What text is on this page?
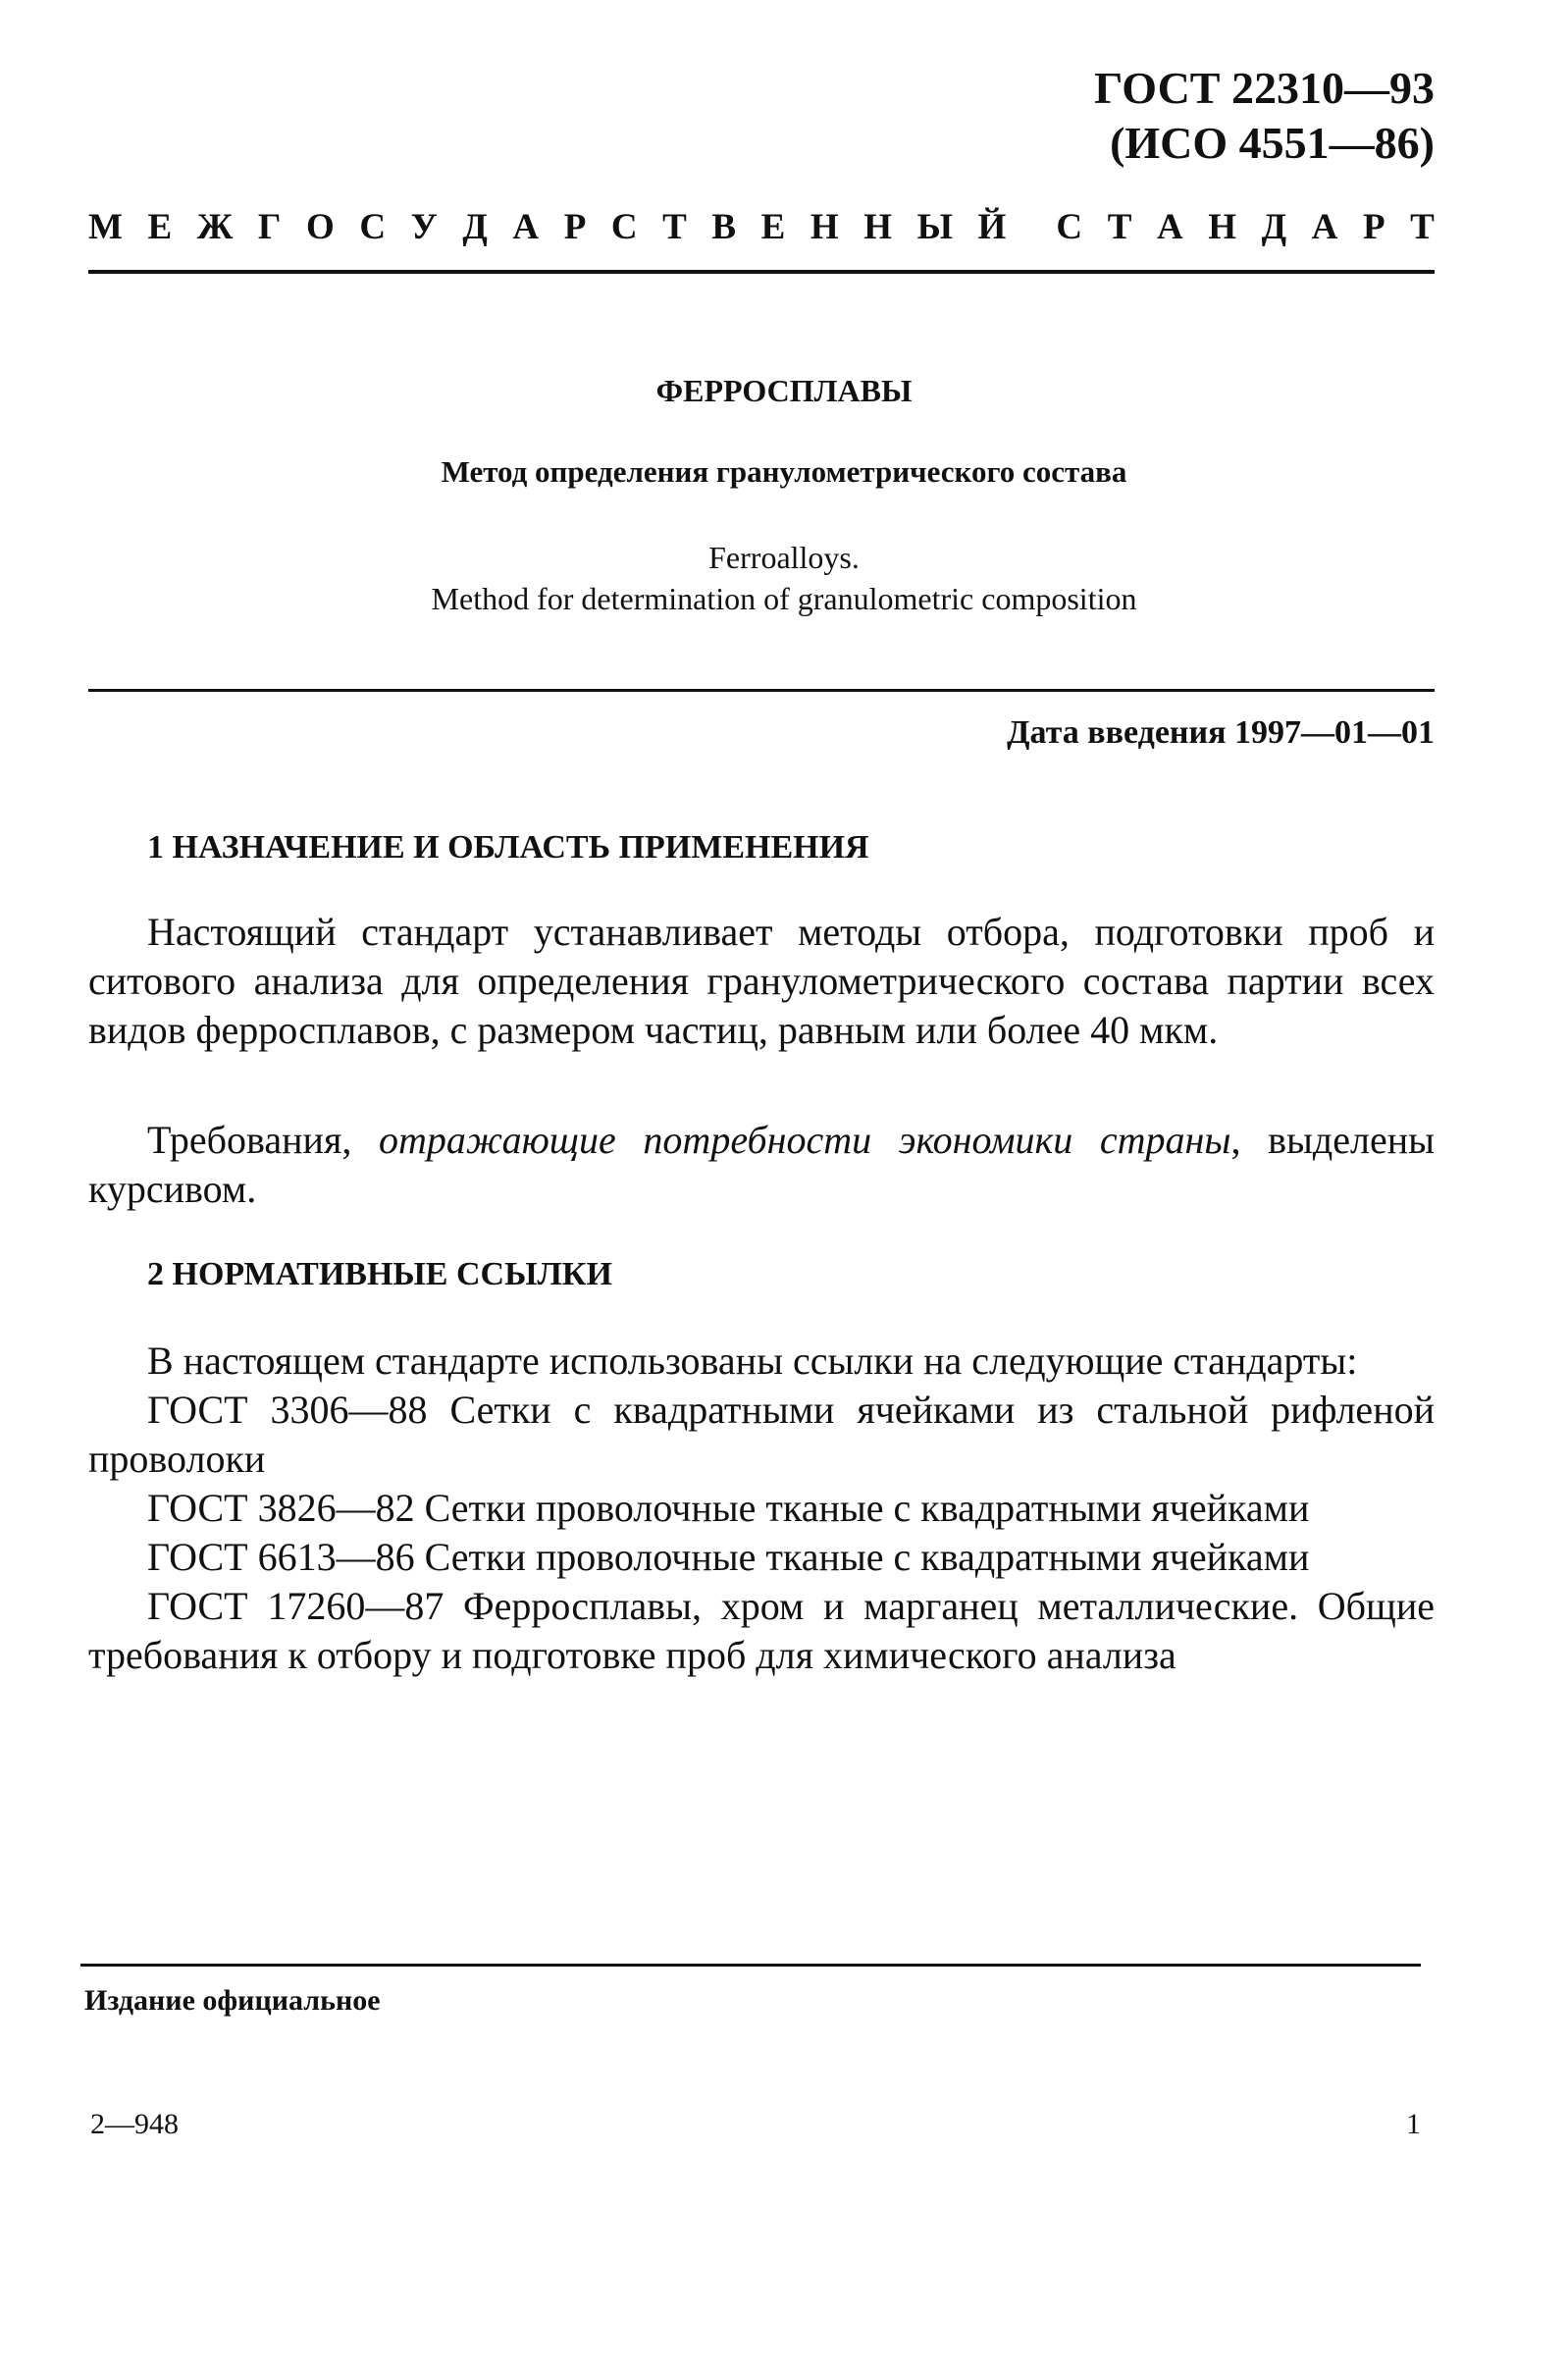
ГОСТ 22310—93
(ИСО 4551—86)
М Е Ж Г О С У Д А Р С Т В Е Н Н Ы Й С Т А Н Д А Р Т
ФЕРРОСПЛАВЫ
Метод определения гранулометрического состава
Ferroalloys.
Method for determination of granulometric composition
Дата введения 1997—01—01
1 НАЗНАЧЕНИЕ И ОБЛАСТЬ ПРИМЕНЕНИЯ

Настоящий стандарт устанавливает методы отбора, подготовки проб и ситового анализа для определения гранулометрического состава партии всех видов ферросплавов, с размером частиц, равным или более 40 мкм.

Требования, отражающие потребности экономики страны, выделены курсивом.

2 НОРМАТИВНЫЕ ССЫЛКИ

В настоящем стандарте использованы ссылки на следующие стандарты:

ГОСТ 3306—88 Сетки с квадратными ячейками из стальной рифленой проволоки

ГОСТ 3826—82 Сетки проволочные тканые с квадратными ячейками

ГОСТ 6613—86 Сетки проволочные тканые с квадратными ячейками

ГОСТ 17260—87 Ферросплавы, хром и марганец металлические. Общие требования к отбору и подготовке проб для химического анализа

Издание официальное
2—948	1
